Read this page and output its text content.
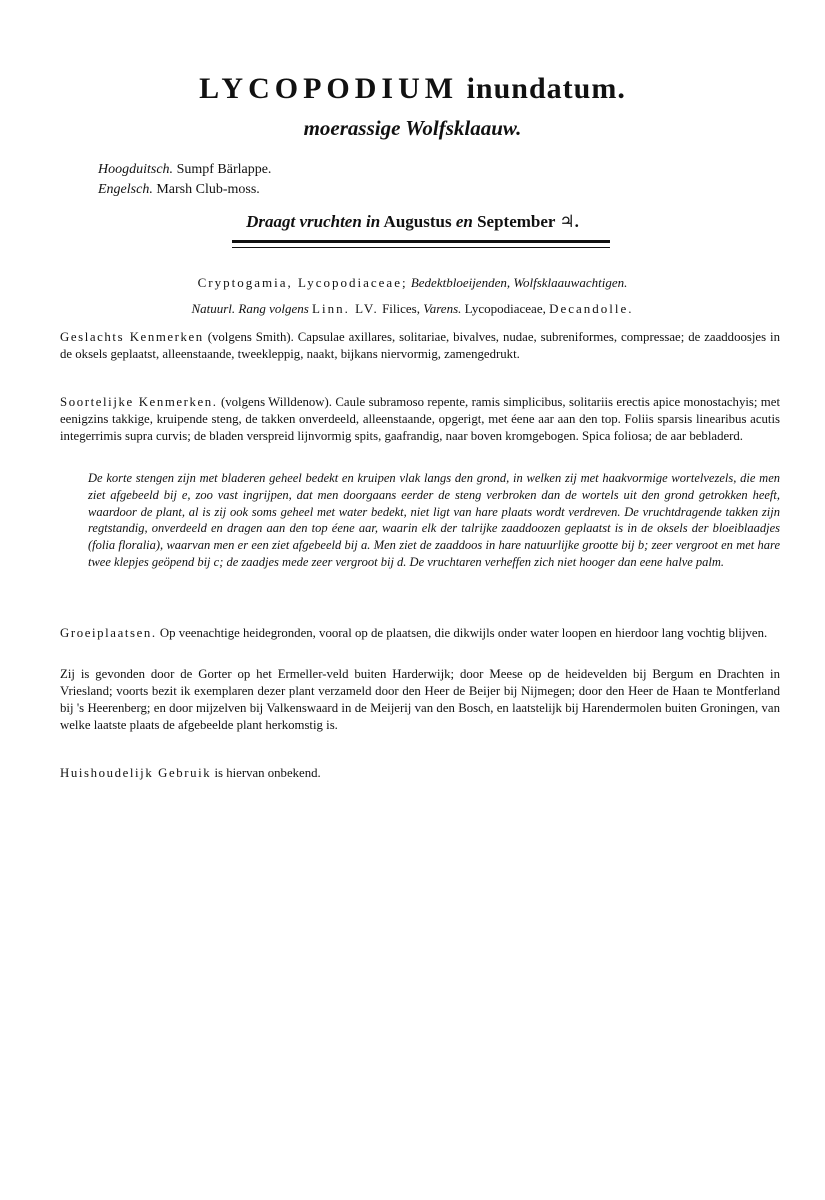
LYCOPODIUM inundatum.
moerassige Wolfsklaauw.
Hoogduitsch. Sumpf Bärlappe.
Engelsch. Marsh Club-moss.
Draagt vruchten in Augustus en September ♃.
Cryptogamia, Lycopodiaceae; Bedektbloeijenden, Wolfsklaauwachtigen.
Natuurl. Rang volgens Linn. LV. Filices, Varens. Lycopodiaceae, Decandolle.
Geslachts Kenmerken (volgens Smith). Capsulae axillares, solitariae, bivalves, nudae, subreniformes, compressae; de zaaddoosjes in de oksels geplaatst, alleenstaande, tweekleppig, naakt, bijkans niervormig, zamengedrukt.
Soortelijke Kenmerken. (volgens Willdenow). Caule subramoso repente, ramis simplicibus, solitariis erectis apice monostachyis; met eenigzins takkige, kruipende steng, de takken onverdeeld, alleenstaande, opgerigt, met éene aar aan den top. Foliis sparsis linearibus acutis integerrimis supra curvis; de bladen verspreid lijnvormig spits, gaafrandig, naar boven kromgebogen. Spica foliosa; de aar bebladerd.
De korte stengen zijn met bladeren geheel bedekt en kruipen vlak langs den grond, in welken zij met haakvormige wortelvezels, die men ziet afgebeeld bij e, zoo vast ingrijpen, dat men doorgaans eerder de steng verbroken dan de wortels uit den grond getrokken heeft, waardoor de plant, al is zij ook soms geheel met water bedekt, niet ligt van hare plaats wordt verdreven. De vruchtdragende takken zijn regtstandig, onverdeeld en dragen aan den top éene aar, waarin elk der talrijke zaaddoozen geplaatst is in de oksels der bloeiblaadjes (folia floralia), waarvan men er een ziet afgebeeld bij a. Men ziet de zaaddoos in hare natuurlijke grootte bij b; zeer vergroot en met hare twee klepjes geöpend bij c; de zaadjes mede zeer vergroot bij d. De vruchtaren verheffen zich niet hooger dan eene halve palm.
Groeiplaatsen. Op veenachtige heidegronden, vooral op de plaatsen, die dikwijls onder water loopen en hierdoor lang vochtig blijven.
Zij is gevonden door de Gorter op het Ermeller-veld buiten Harderwijk; door Meese op de heidevelden bij Bergum en Drachten in Vriesland; voorts bezit ik exemplaren dezer plant verzameld door den Heer de Beijer bij Nijmegen; door den Heer de Haan te Montferland bij 's Heerenberg; en door mijzelven bij Valkenswaard in de Meijerij van den Bosch, en laatstelijk bij Harendermolen buiten Groningen, van welke laatste plaats de afgebeelde plant herkomstig is.
Huishoudelijk Gebruik is hiervan onbekend.
